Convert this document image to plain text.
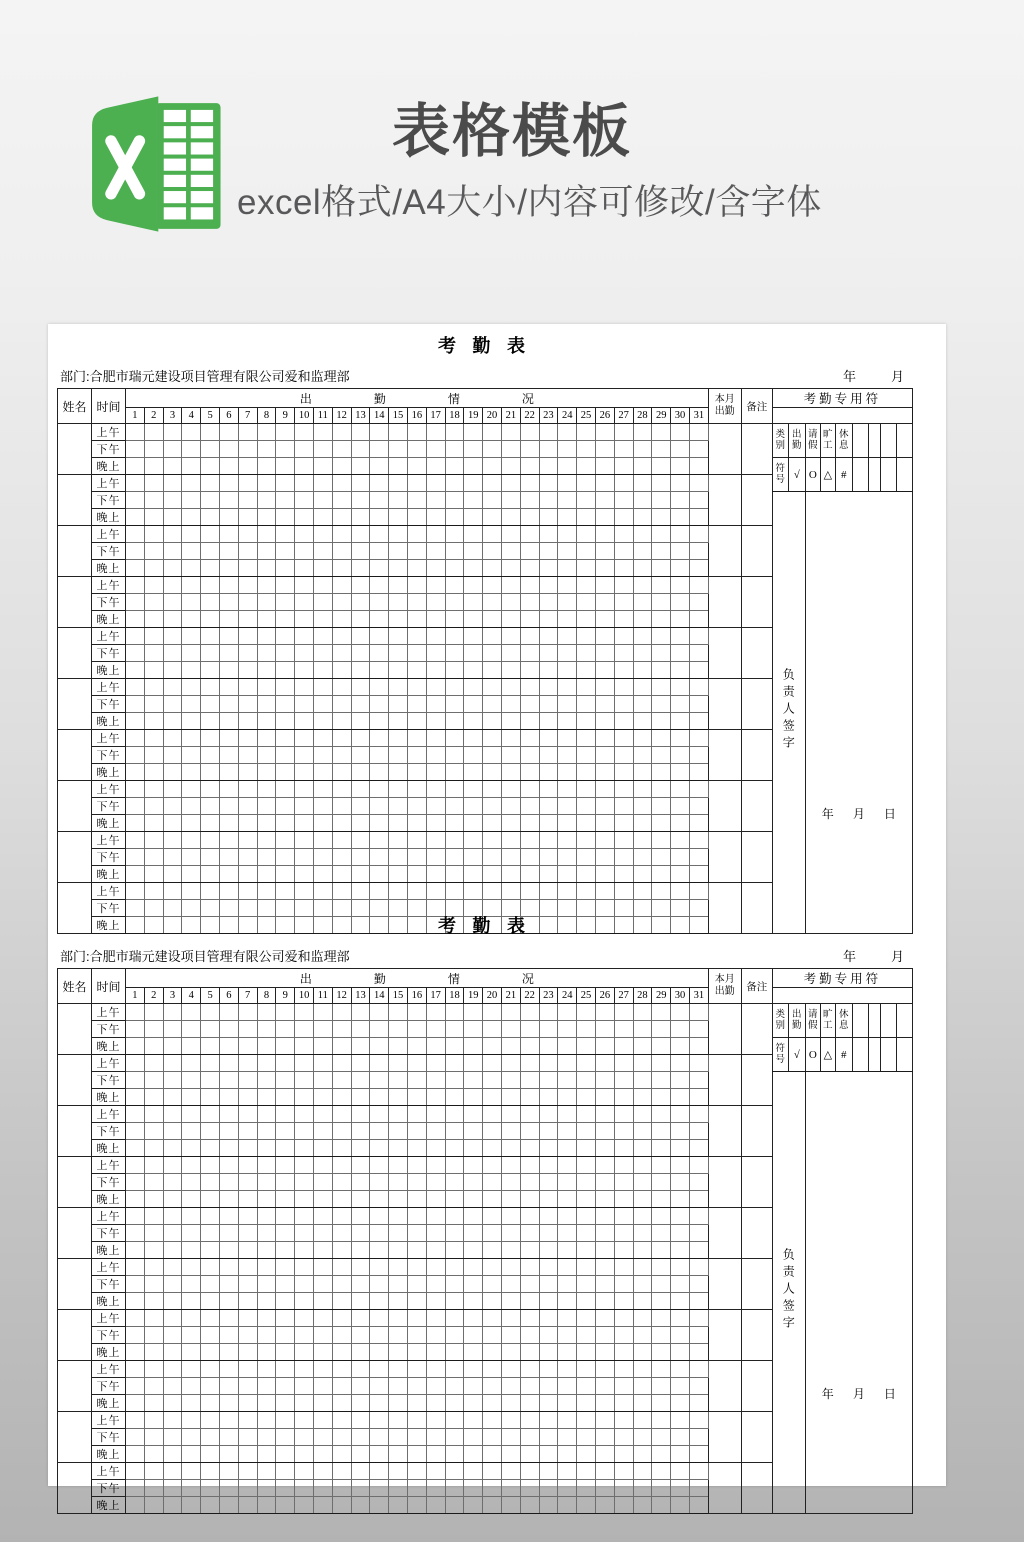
表格模板
excel格式/A4大小/内容可修改/含字体
考 勤 表
部门:合肥市瑞元建设项目管理有限公司爱和监理部	年	月
姓名	时间	出勤情况																															本月出勤	备注	考勤专用符								
		1	2	3	4	5	6	7	8	9	10	11	12	13	14	15	16	17	18	19	20	21	22	23	24	25	26	27	28	29	30	31											
	上午																																		类别	出勤	请假	旷工	休息				
	下午																																										
	晚上																																		符号	√	O	△	#				
	上午																																										
	下午																																		负责人签字		年 月 日						

	晚上																																										
	上午																																										
	下午																																										
	晚上																																										
	上午																																										
	下午																																										
	晚上																																										
	上午																																										
	下午																																										
	晚上																																										
	上午																																										
	下午																																										
	晚上																																										
	上午																																										
	下午																																										
	晚上																																										
	上午																																										
	下午																																										
	晚上																																										
	上午																																										
	下午																																										
	晚上																																										
	上午																																										
	下午																																										
	晚上																																											考 勤 表
部门:合肥市瑞元建设项目管理有限公司爱和监理部	年	月
姓名	时间	出勤情况																															本月出勤	备注	考勤专用符								
		1	2	3	4	5	6	7	8	9	10	11	12	13	14	15	16	17	18	19	20	21	22	23	24	25	26	27	28	29	30	31											
	上午																																		类别	出勤	请假	旷工	休息				
	下午																																										
	晚上																																		符号	√	O	△	#				
	上午																																										
	下午																																		负责人签字		年 月 日						

	晚上																																										
	上午																																										
	下午																																										
	晚上																																										
	上午																																										
	下午																																										
	晚上																																										
	上午																																										
	下午																																										
	晚上																																										
	上午																																										
	下午																																										
	晚上																																										
	上午																																										
	下午																																										
	晚上																																										
	上午																																										
	下午																																										
	晚上																																										
	上午																																										
	下午																																										
	晚上																																										
	上午																																										
	下午																																										
	晚上																																										
